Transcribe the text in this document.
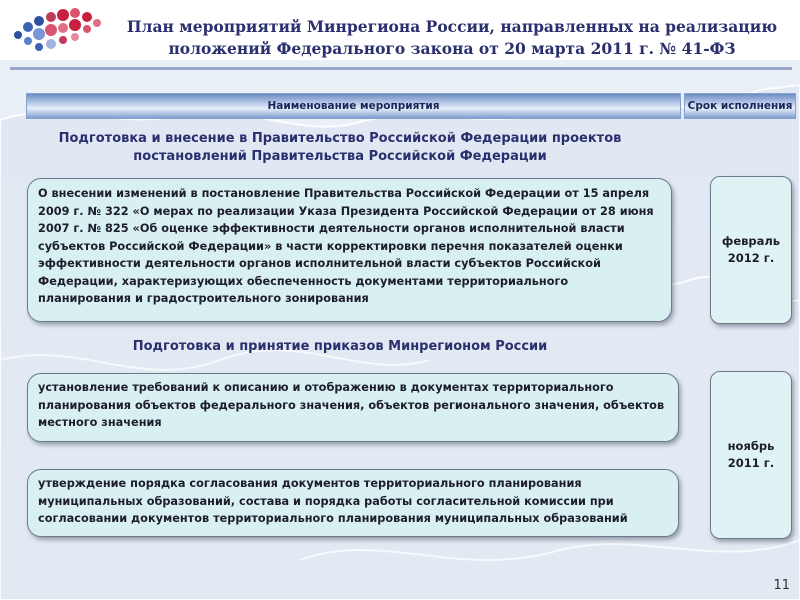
План мероприятий Минрегиона России, направленных на реализацию
положений Федерального закона от 20 марта 2011 г. № 41-ФЗ
Наименование мероприятия	Срок исполнения
Подготовка и внесение в Правительство Российской Федерации проектов
постановлений Правительства Российской Федерации
О внесении изменений в постановление Правительства Российской Федерации от 15 апреля 2009 г. № 322 «О мерах по реализации Указа Президента Российской Федерации от 28 июня 2007 г. № 825 «Об оценке эффективности деятельности органов исполнительной власти субъектов Российской Федерации» в части корректировки перечня показателей оценки эффективности деятельности органов исполнительной власти субъектов Российской Федерации, характеризующих обеспеченность документами территориального планирования и градостроительного зонирования
февраль
2012 г.
Подготовка и принятие приказов Минрегионом России
установление требований к описанию и отображению в документах территориального планирования объектов федерального значения, объектов регионального значения, объектов местного значения
утверждение порядка согласования документов территориального планирования муниципальных образований, состава и порядка работы согласительной комиссии при согласовании документов территориального планирования муниципальных образований
ноябрь
2011 г.
11
